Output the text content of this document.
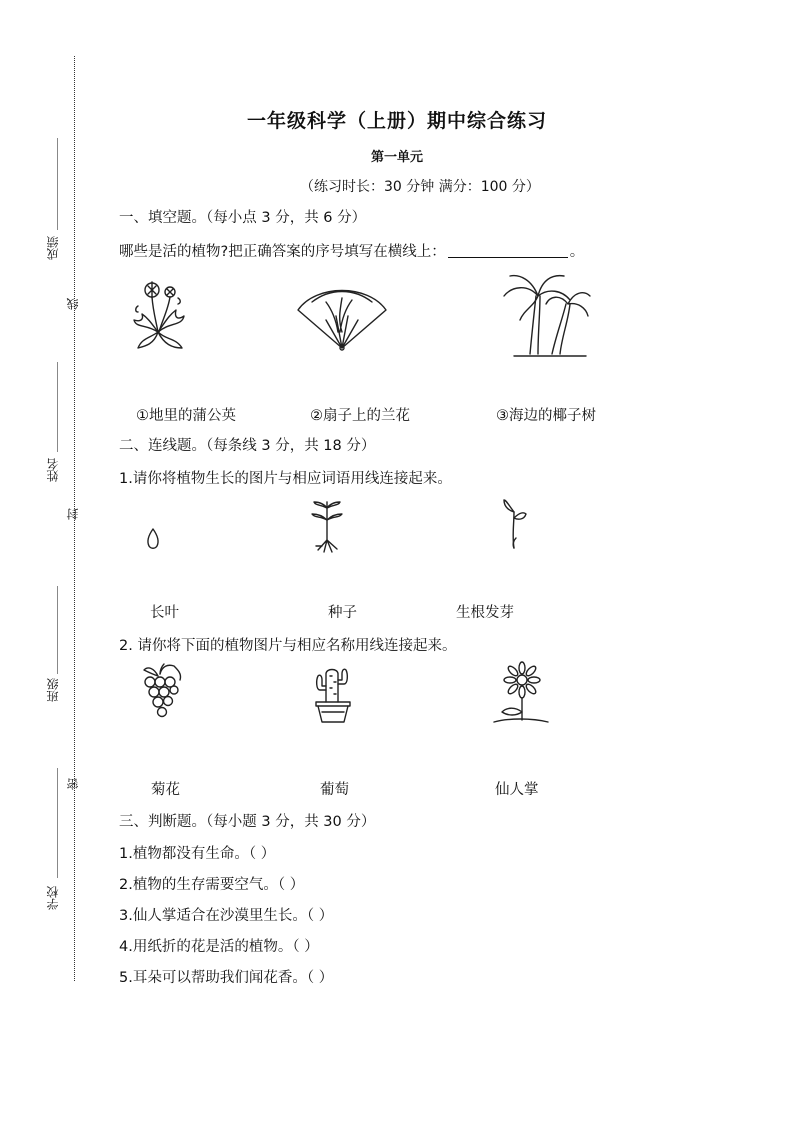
成绩
线
姓名
封
班级
密
学校
一年级科学（上册）期中综合练习
第一单元
（练习时长：30 分钟 满分：100 分）
一、填空题。（每小点 3 分，共 6 分）
哪些是活的植物?把正确答案的序号填写在横线上：	。
①地里的蒲公英	②扇子上的兰花	③海边的椰子树
二、连线题。（每条线 3 分，共 18 分）
1.请你将植物生长的图片与相应词语用线连接起来。
长叶	种子	生根发芽
2. 请你将下面的植物图片与相应名称用线连接起来。
菊花	葡萄	仙人掌
三、判断题。（每小题 3 分，共 30 分）
1.植物都没有生命。（ ）
2.植物的生存需要空气。（ ）
3.仙人掌适合在沙漠里生长。（ ）
4.用纸折的花是活的植物。（ ）
5.耳朵可以帮助我们闻花香。（ ）
